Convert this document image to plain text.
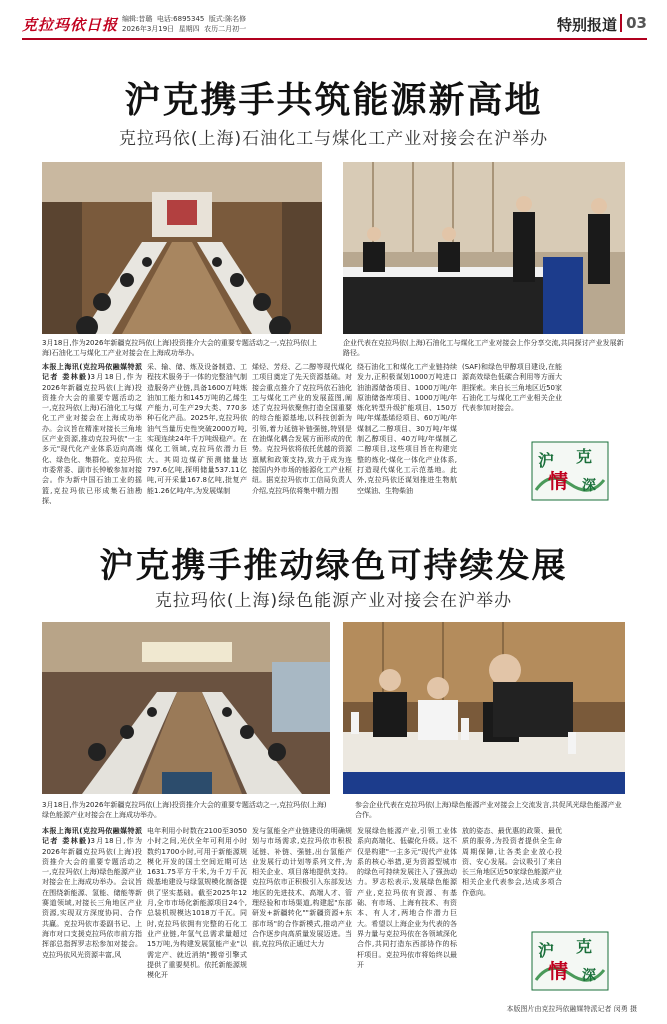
克拉玛依日报 编辑:昔璐 电话:6895345 版式:陈名修
2026年3月19日 星期四 农历二月初一	特别报道 03
沪克携手共筑能源新高地
克拉玛依(上海)石油化工与煤化工产业对接会在沪举办
3月18日,作为2026年新疆克拉玛依(上海)投资推介大会的重要专题活动之一,克拉玛依(上海)石油化工与煤化工产业对接会在上海成功举办。
企业代表在克拉玛依(上海)石油化工与煤化工产业对接会上作分享交流,共同探讨产业发展新路径。
本报上海讯(克拉玛依融媒特派记者 娄林毅)3月18日,作为2026年新疆克拉玛依(上海)投资推介大会的重要专题活动之一,克拉玛依(上海)石油化工与煤化工产业对接会在上海成功举办。会议旨在精准对接长三角地区产业资源,推动克拉玛依"一主多元"现代化产业体系迈向高端化、绿色化、集群化。克拉玛依市委常委、副市长钟敏参加对接会。作为新中国石油工业的摇篮,克拉玛依已形成集石油勘探、
采、输、储、炼及设备制造、工程技术服务于一体的完整油气制造服务产业链,具备1600万吨炼油加工能力和145万吨的乙烯生产能力,可生产29大类、770多种石化产品。2025年,克拉玛依油气当量历史性突破2000万吨,实现连续24年千万吨级稳产。在煤化工领域,克拉玛依潜力巨大。其周边煤矿预测储量达797.6亿吨,探明储量537.11亿吨,可开采量167.8亿吨,批复产能1.26亿吨/年,为发展煤制
烯烃、芳烃、乙二醇等现代煤化工项目奠定了先天资源基础。对接会重点推介了克拉玛依石油化工与煤化工产业的发展蓝图,阐述了克拉玛依聚焦打造全国重要的综合能源基地,以科技创新为引领,着力延链补链强链,特别是在油煤化耦合发展方面形成的优势。克拉玛依将依托优越的资源禀赋和政策支持,致力于成为连接国内外市场的能源化工产业枢纽。据克拉玛依市工信局负责人介绍,克拉玛依将集中精力围
绕石油化工和煤化工产业链持续发力,正积极谋划1000万吨进口油油源储备项目、1000万吨/年原油储备库项目、1000万吨/年炼化转型升级扩能项目、150万吨/年煤基烯烃项目、60万吨/年煤制乙二醇项目、30万吨/年煤制乙醇项目、40万吨/年煤制乙二醇项目,这些项目旨在构建完整的炼化-煤化一体化产业体系,打造现代煤化工示范基地。此外,克拉玛依还谋划推进生物航空煤油、生物柴油
(SAF)和绿色甲醇项目建设,在能源高效绿色低碳合利用等方面大胆探索。来自长三角地区近50家石油化工与煤化工产业相关企业代表参加对接会。
沪 克
情 深
沪克携手推动绿色可持续发展
克拉玛依(上海)绿色能源产业对接会在沪举办
3月18日,作为2026年新疆克拉玛依(上海)投资推介大会的重要专题活动之一,克拉玛依(上海)绿色能源产业对接会在上海成功举办。
参会企业代表在克拉玛依(上海)绿色能源产业对接会上交流发言,共促风光绿色能源产业合作。
本报上海讯(克拉玛依融媒特派记者 娄林毅)3月18日,作为2026年新疆克拉玛依(上海)投资推介大会的重要专题活动之一,克拉玛依(上海)绿色能源产业对接会在上海成功举办。会议旨在围绕新能源、氢能、储能等新赛道领域,对接长三角地区产业资源,实现双方深度协同、合作共赢。克拉玛依市委副书记、上海市对口支援克拉玛依市前方指挥部总指挥罗志松参加对接会。克拉玛依风光资源丰富,风
电年利用小时数在2100至3050小时之间,光伏全年可利用小时数约1700小时,可用于新能源规模化开发的国土空间近期可达1631.75平方千米,为千万千瓦级基地建设与绿氢规模化制备提供了坚实基础。截至2025年12月,全市市场化新能源项目24个,总装机规模达1018万千瓦。同时,克拉玛依拥有完整的石化工业产业链,年氢气总需求量超过15万吨,为构建发展氢能产业"以需定产、就近消纳"搬帝引擎式提供了重要契机。依托新能源规模化开
发与氢能全产业链建设的明确规划与市场需求,克拉玛依市积极延链、补链、强链,出台氢能产业发展行动计划等系列文件,为相关企业、项目落地提供支持。克拉玛依市正积极引入东部发达地区的先进技术、高端人才、管理经验和市场渠道,构建起"东部研发+新疆转化""新疆资源+东部市场"的合作新模式,推动产业合作逐步向高质量发展迈进。当前,克拉玛依正通过大力
发展绿色能源产业,引领工业体系向高端化、低碳化升级。这不仅是构建"一主多元"现代产业体系的核心举措,更为资源型城市的绿色可持续发展注入了强劲动力。罗志松表示,发展绿色能源产业,克拉玛依有资源、有基础、有市场、上海有技术、有资本、有人才,两地合作潜力巨大。希望以上海企业为代表的各界力量与克拉玛依在各领域深化合作,共同打造东西部协作的标杆项目。克拉玛依市将始终以最开
放的姿态、最优惠的政策、最优质的服务,为投资者提供全生命周期保障,让各类企业放心投资、安心发展。会议吸引了来自长三角地区近50家绿色能源产业相关企业代表参会,达成多项合作意向。
沪 克
情 深
本版图片由克拉玛依融媒特派记者 闵勇 摄
